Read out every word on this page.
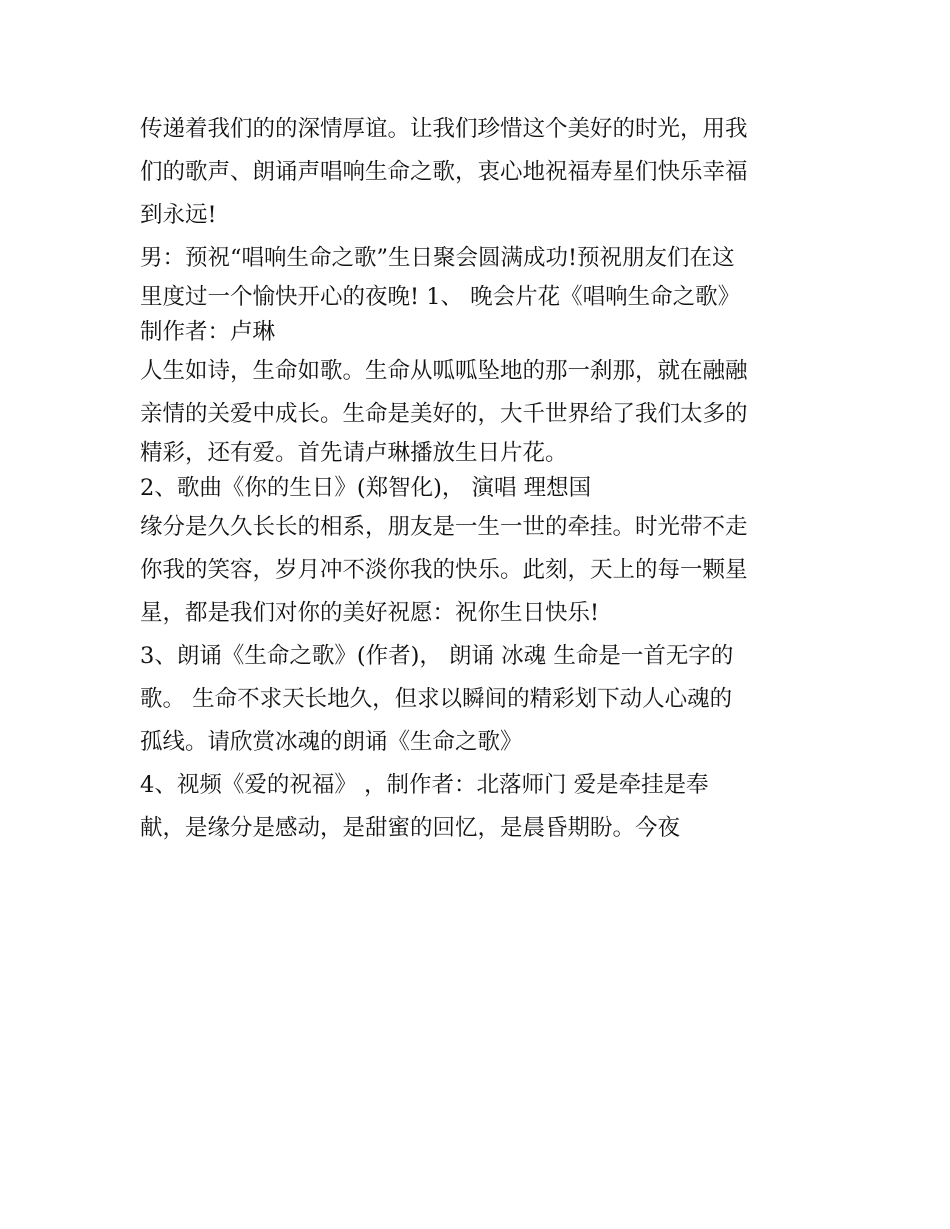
传递着我们的的深情厚谊。让我们珍惜这个美好的时光，用我
们的歌声、朗诵声唱响生命之歌，衷心地祝福寿星们快乐幸福
到永远!
男：预祝“唱响生命之歌”生日聚会圆满成功!预祝朋友们在这
里度过一个愉快开心的夜晚! 1、 晚会片花《唱响生命之歌》
制作者：卢琳
人生如诗，生命如歌。生命从呱呱坠地的那一刹那，就在融融
亲情的关爱中成长。生命是美好的，大千世界给了我们太多的
精彩，还有爱。首先请卢琳播放生日片花。
2、歌曲《你的生日》(郑智化)， 演唱 理想国
缘分是久久长长的相系，朋友是一生一世的牵挂。时光带不走
你我的笑容，岁月冲不淡你我的快乐。此刻，天上的每一颗星
星，都是我们对你的美好祝愿：祝你生日快乐!
3、朗诵《生命之歌》(作者)， 朗诵 冰魂 生命是一首无字的
歌。 生命不求天长地久，但求以瞬间的精彩划下动人心魂的
孤线。请欣赏冰魂的朗诵《生命之歌》
4、视频《爱的祝福》 ，制作者：北落师门 爱是牵挂是奉
献，是缘分是感动，是甜蜜的回忆，是晨昏期盼。今夜
